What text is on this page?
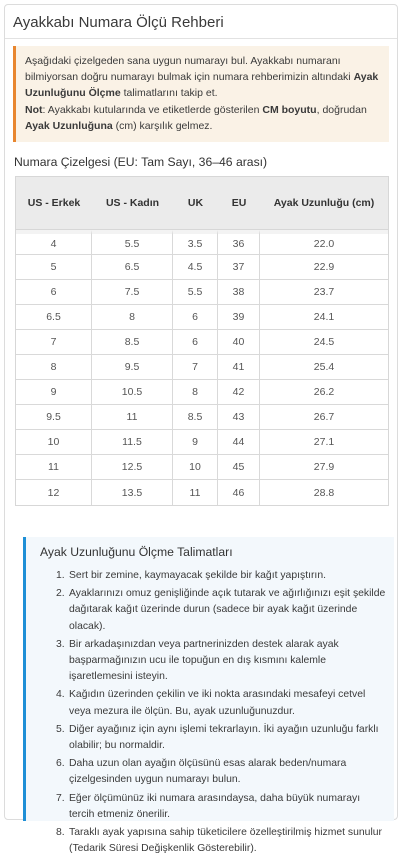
Ayakkabı Numara Ölçü Rehberi
Aşağıdaki çizelgeden sana uygun numarayı bul. Ayakkabı numaranı bilmiyorsan doğru numarayı bulmak için numara rehberimizin altındaki Ayak Uzunluğunu Ölçme talimatlarını takip et.
Not: Ayakkabı kutularında ve etiketlerde gösterilen CM boyutu, doğrudan Ayak Uzunluğuna (cm) karşılık gelmez.
Numara Çizelgesi (EU: Tam Sayı, 36–46 arası)
US - Erkek	US - Kadın	UK	EU	Ayak Uzunluğu (cm)
4	5.5	3.5	36	22.0
5	6.5	4.5	37	22.9
6	7.5	5.5	38	23.7
6.5	8	6	39	24.1
7	8.5	6	40	24.5
8	9.5	7	41	25.4
9	10.5	8	42	26.2
9.5	11	8.5	43	26.7
10	11.5	9	44	27.1
11	12.5	10	45	27.9
12	13.5	11	46	28.8
Ayak Uzunluğunu Ölçme Talimatları
1. Sert bir zemine, kaymayacak şekilde bir kağıt yapıştırın.
2. Ayaklarınızı omuz genişliğinde açık tutarak ve ağırlığınızı eşit şekilde dağıtarak kağıt üzerinde durun (sadece bir ayak kağıt üzerinde olacak).
3. Bir arkadaşınızdan veya partnerinizden destek alarak ayak başparmağınızın ucu ile topuğun en dış kısmını kalemle işaretlemesini isteyin.
4. Kağıdın üzerinden çekilin ve iki nokta arasındaki mesafeyi cetvel veya mezura ile ölçün. Bu, ayak uzunluğunuzdur.
5. Diğer ayağınız için aynı işlemi tekrarlayın. İki ayağın uzunluğu farklı olabilir; bu normaldir.
6. Daha uzun olan ayağın ölçüsünü esas alarak beden/numara çizelgesinden uygun numarayı bulun.
7. Eğer ölçümünüz iki numara arasındaysa, daha büyük numarayı tercih etmeniz önerilir.
8. Taraklı ayak yapısına sahip tüketicilere özelleştirilmiş hizmet sunulur (Tedarik Süresi Değişkenlik Gösterebilir).
